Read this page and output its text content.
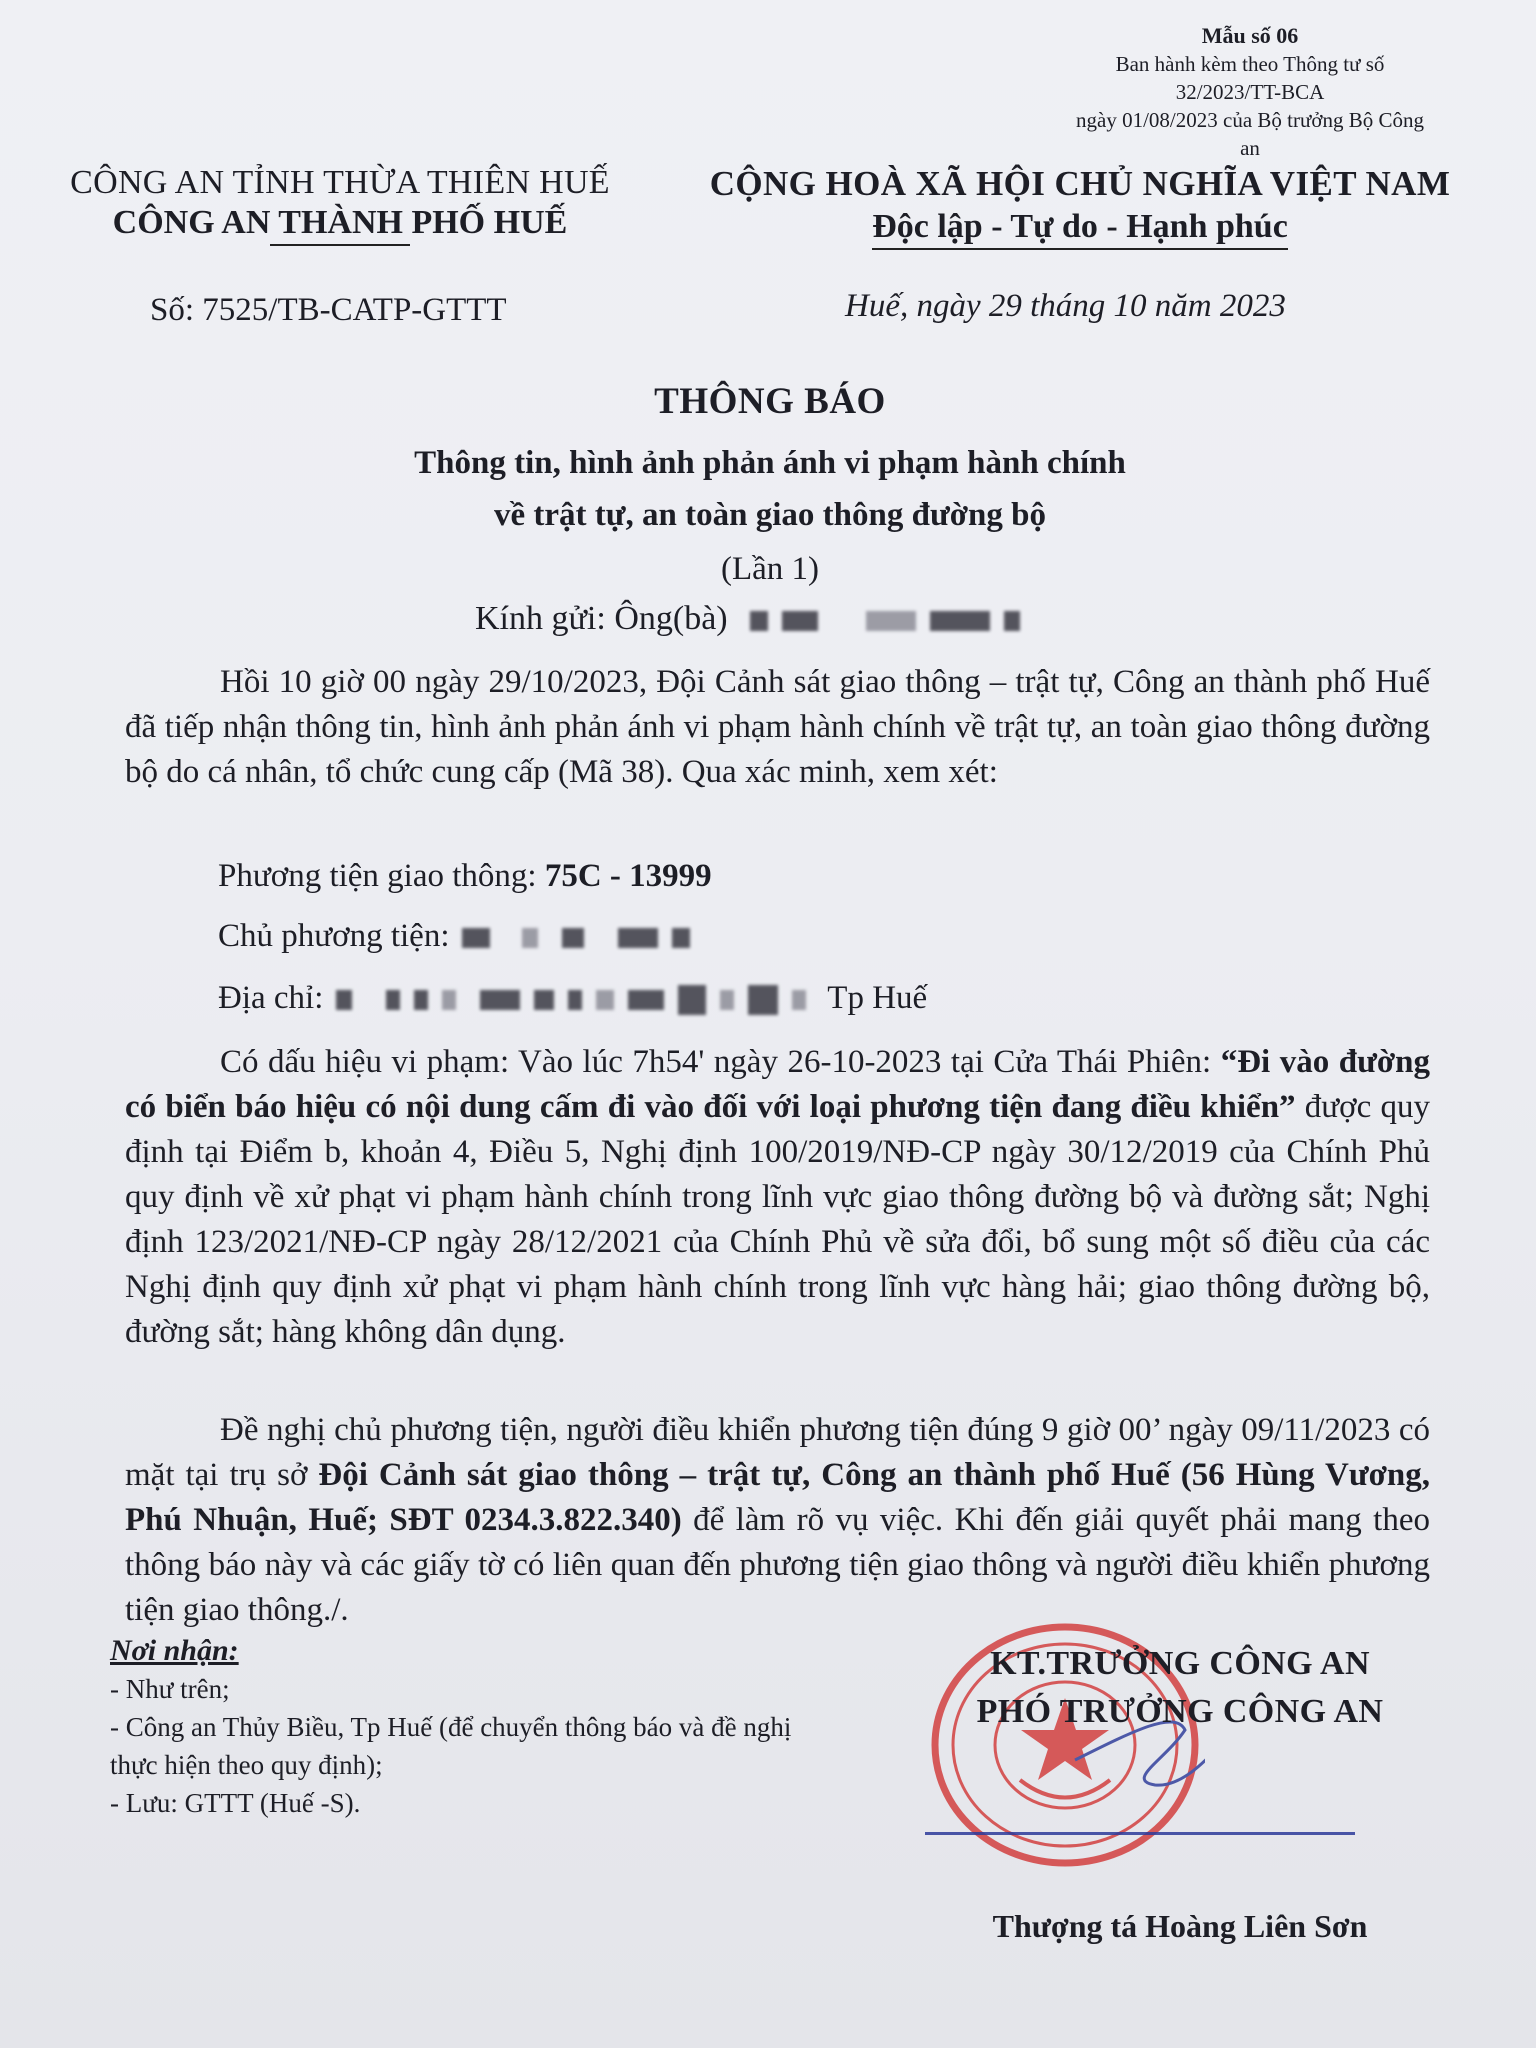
Mẫu số 06
Ban hành kèm theo Thông tư số 32/2023/TT-BCA
ngày 01/08/2023 của Bộ trưởng Bộ Công an
CÔNG AN TỈNH THỪA THIÊN HUẾ
CÔNG AN THÀNH PHỐ HUẾ
CỘNG HOÀ XÃ HỘI CHỦ NGHĨA VIỆT NAM
Độc lập - Tự do - Hạnh phúc
Số: 7525/TB-CATP-GTTT	Huế, ngày 29 tháng 10 năm 2023
THÔNG BÁO
Thông tin, hình ảnh phản ánh vi phạm hành chính
về trật tự, an toàn giao thông đường bộ
(Lần 1)
Kính gửi: Ông(bà)
Hồi 10 giờ 00 ngày 29/10/2023, Đội Cảnh sát giao thông – trật tự, Công an thành phố Huế đã tiếp nhận thông tin, hình ảnh phản ánh vi phạm hành chính về trật tự, an toàn giao thông đường bộ do cá nhân, tổ chức cung cấp (Mã 38). Qua xác minh, xem xét:
Phương tiện giao thông: 75C - 13999
Chủ phương tiện:
Địa chỉ:	Tp Huế
Có dấu hiệu vi phạm: Vào lúc 7h54' ngày 26-10-2023 tại Cửa Thái Phiên: “Đi vào đường có biển báo hiệu có nội dung cấm đi vào đối với loại phương tiện đang điều khiển” được quy định tại Điểm b, khoản 4, Điều 5, Nghị định 100/2019/NĐ-CP ngày 30/12/2019 của Chính Phủ quy định về xử phạt vi phạm hành chính trong lĩnh vực giao thông đường bộ và đường sắt; Nghị định 123/2021/NĐ-CP ngày 28/12/2021 của Chính Phủ về sửa đổi, bổ sung một số điều của các Nghị định quy định xử phạt vi phạm hành chính trong lĩnh vực hàng hải; giao thông đường bộ, đường sắt; hàng không dân dụng.
Đề nghị chủ phương tiện, người điều khiển phương tiện đúng 9 giờ 00’ ngày 09/11/2023 có mặt tại trụ sở Đội Cảnh sát giao thông – trật tự, Công an thành phố Huế (56 Hùng Vương, Phú Nhuận, Huế; SĐT 0234.3.822.340) để làm rõ vụ việc. Khi đến giải quyết phải mang theo thông báo này và các giấy tờ có liên quan đến phương tiện giao thông và người điều khiển phương tiện giao thông./.
Nơi nhận:
- Như trên;
- Công an Thủy Biều, Tp Huế (để chuyển thông báo và đề nghị thực hiện theo quy định);
- Lưu: GTTT (Huế -S).
KT.TRƯỞNG CÔNG AN
PHÓ TRƯỞNG CÔNG AN
Thượng tá Hoàng Liên Sơn
